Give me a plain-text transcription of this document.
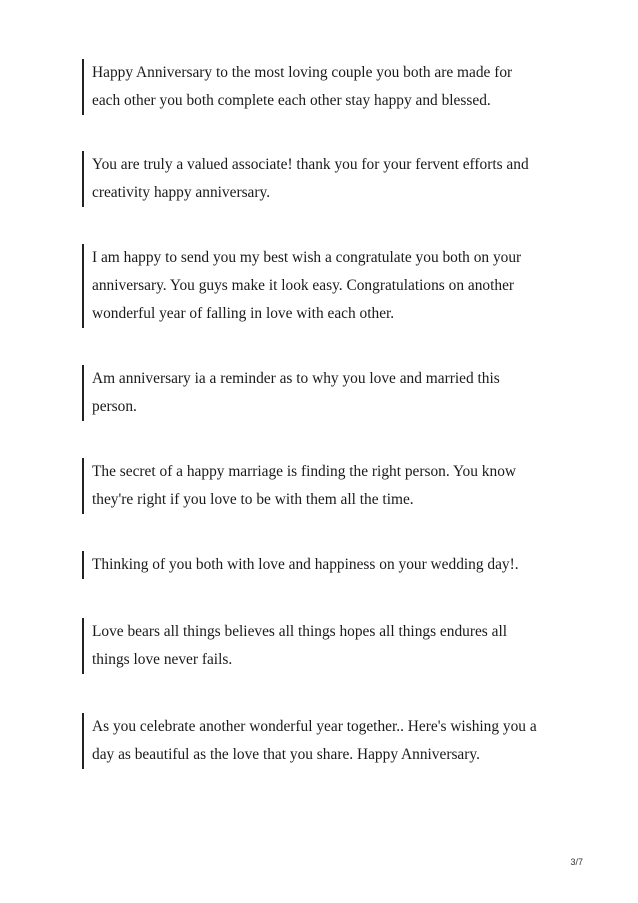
Happy Anniversary to the most loving couple you both are made for
each other you both complete each other stay happy and blessed.
You are truly a valued associate! thank you for your fervent efforts and
creativity happy anniversary.
I am happy to send you my best wish a congratulate you both on your
anniversary. You guys make it look easy. Congratulations on another
wonderful year of falling in love with each other.
Am anniversary ia a reminder as to why you love and married this
person.
The secret of a happy marriage is finding the right person. You know
they're right if you love to be with them all the time.
Thinking of you both with love and happiness on your wedding day!.
Love bears all things believes all things hopes all things endures all
things love never fails.
As you celebrate another wonderful year together.. Here's wishing you a
day as beautiful as the love that you share. Happy Anniversary.
3/7
